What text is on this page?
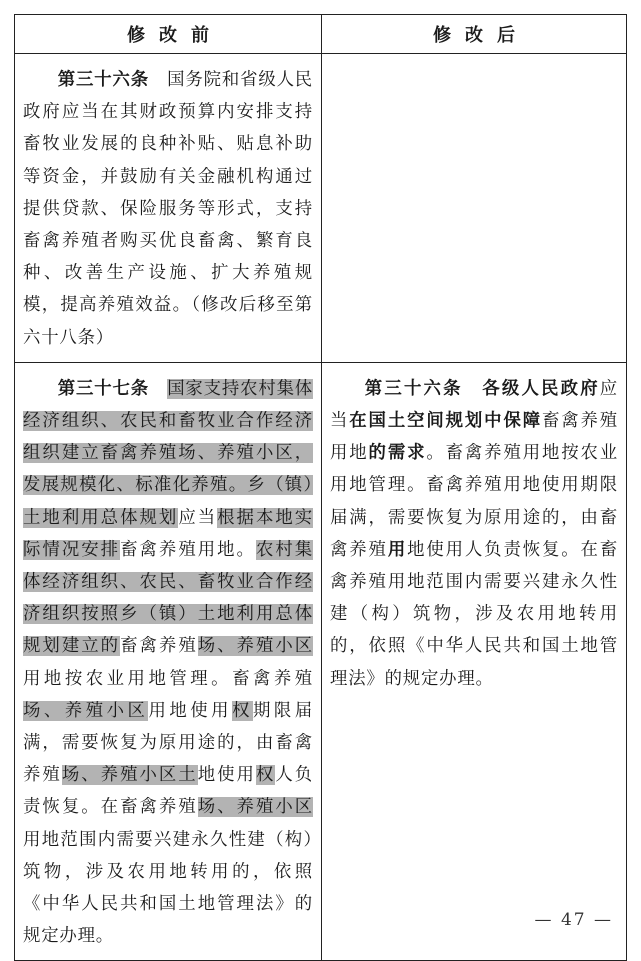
修改前	修改后
第三十六条　国务院和省级人民政府应当在其财政预算内安排支持畜牧业发展的良种补贴、贴息补助等资金，并鼓励有关金融机构通过提供贷款、保险服务等形式，支持畜禽养殖者购买优良畜禽、繁育良种、改善生产设施、扩大养殖规模，提高养殖效益。（修改后移至第六十八条）	
第三十七条　 国家支持农村集体经济组织、农民和畜牧业合作经济组织建立畜禽养殖场、养殖小区，发展规模化、标准化养殖。乡（镇）土地利用总体规划应当根据本地实际情况安排畜禽养殖用地。农村集体经济组织、农民、畜牧业合作经济组织按照乡（镇）土地利用总体规划建立的畜禽养殖场、养殖小区用地按农业用地管理。畜禽养殖场、养殖小区用地使用权期限届满，需要恢复为原用途的，由畜禽养殖场、养殖小区土地使用权人负责恢复。在畜禽养殖场、养殖小区用地范围内需要兴建永久性建（构）筑物，涉及农用地转用的，依照《中华人民共和国土地管理法》的规定办理。	第三十六条　 各级人民政府应当在国土空间规划中保障畜禽养殖用地的需求。畜禽养殖用地按农业用地管理。畜禽养殖用地使用期限届满，需要恢复为原用途的，由畜禽养殖用地使用人负责恢复。在畜禽养殖用地范围内需要兴建永久性建（构）筑物，涉及农用地转用的，依照《中华人民共和国土地管理法》的规定办理。
— 47 —
